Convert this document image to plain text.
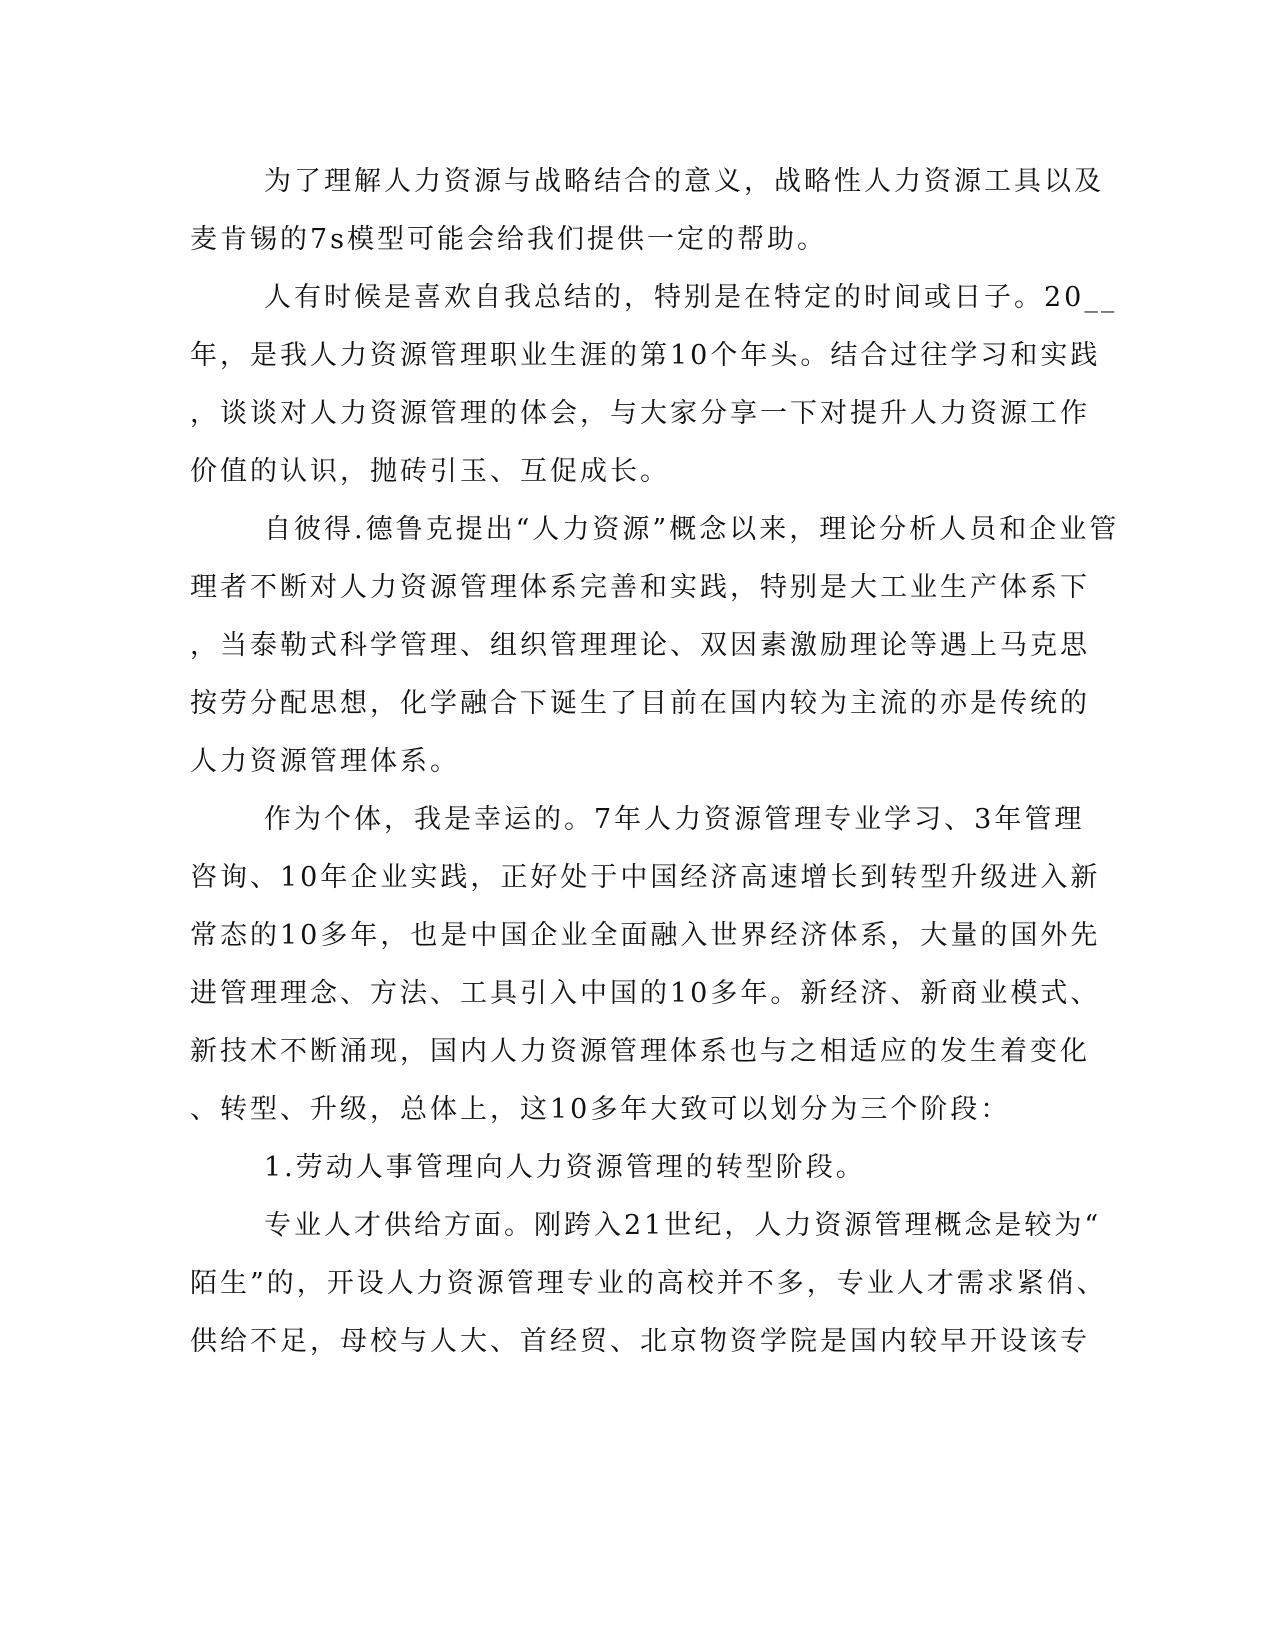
为了理解人力资源与战略结合的意义，战略性人力资源工具以及
麦肯锡的7s模型可能会给我们提供一定的帮助。
人有时候是喜欢自我总结的，特别是在特定的时间或日子。20__
年，是我人力资源管理职业生涯的第10个年头。结合过往学习和实践
，谈谈对人力资源管理的体会，与大家分享一下对提升人力资源工作
价值的认识，抛砖引玉、互促成长。
自彼得.德鲁克提出“人力资源”概念以来，理论分析人员和企业管
理者不断对人力资源管理体系完善和实践，特别是大工业生产体系下
，当泰勒式科学管理、组织管理理论、双因素激励理论等遇上马克思
按劳分配思想，化学融合下诞生了目前在国内较为主流的亦是传统的
人力资源管理体系。
作为个体，我是幸运的。7年人力资源管理专业学习、3年管理
咨询、10年企业实践，正好处于中国经济高速增长到转型升级进入新
常态的10多年，也是中国企业全面融入世界经济体系，大量的国外先
进管理理念、方法、工具引入中国的10多年。新经济、新商业模式、
新技术不断涌现，国内人力资源管理体系也与之相适应的发生着变化
、转型、升级，总体上，这10多年大致可以划分为三个阶段：
1.劳动人事管理向人力资源管理的转型阶段。
专业人才供给方面。刚跨入21世纪，人力资源管理概念是较为“
陌生”的，开设人力资源管理专业的高校并不多，专业人才需求紧俏、
供给不足，母校与人大、首经贸、北京物资学院是国内较早开设该专
